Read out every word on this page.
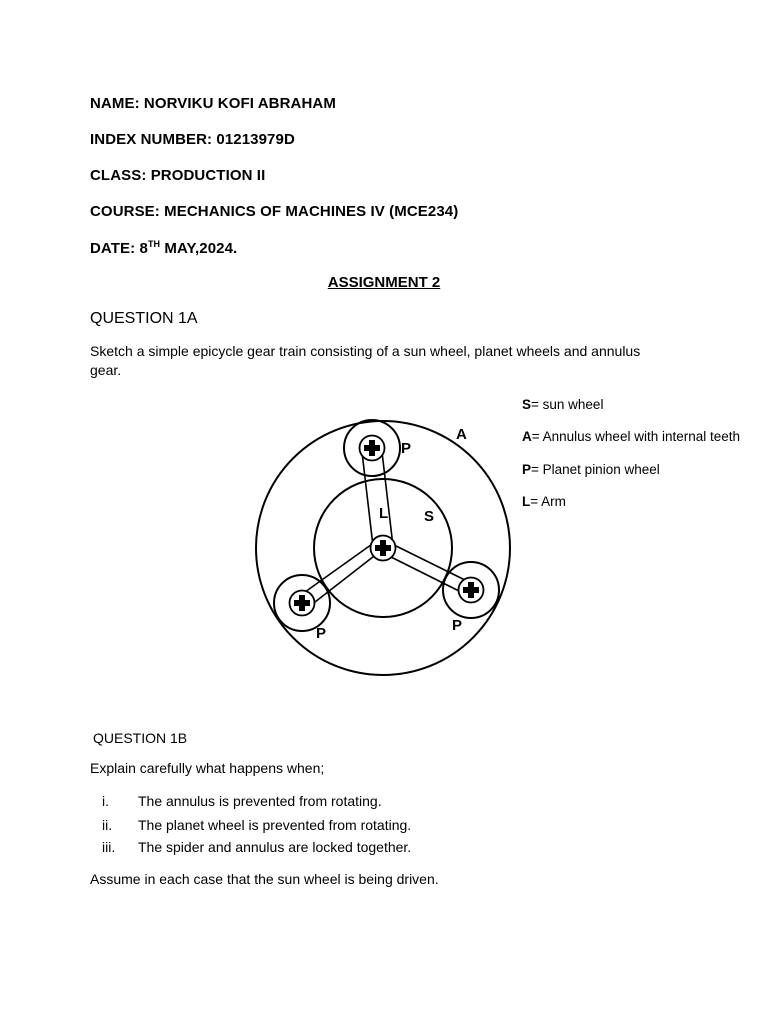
NAME: NORVIKU KOFI ABRAHAM
INDEX NUMBER: 01213979D
CLASS: PRODUCTION II
COURSE: MECHANICS OF MACHINES IV (MCE234)
DATE: 8TH MAY,2024.
ASSIGNMENT 2
QUESTION 1A
Sketch a simple epicycle gear train consisting of a sun wheel, planet wheels and annulus gear.
S= sun wheel
A= Annulus wheel with internal teeth
P= Planet pinion wheel
L= Arm
A
S
L
P
P	P
QUESTION 1B
Explain carefully what happens when;
i. The annulus is prevented from rotating.
ii. The planet wheel is prevented from rotating.
iii. The spider and annulus are locked together.
Assume in each case that the sun wheel is being driven.
